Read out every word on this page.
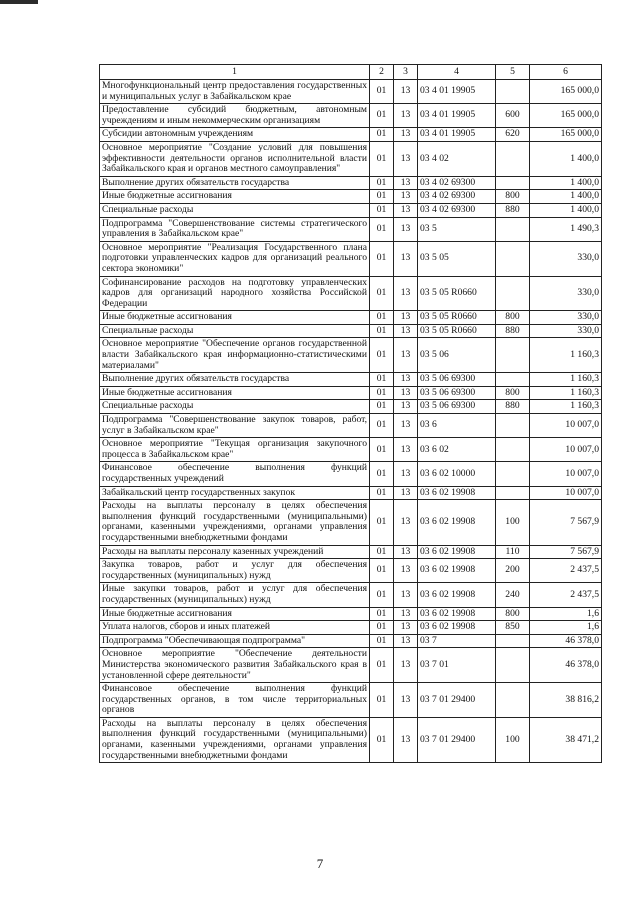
1	2	3	4	5	6
Многофункциональный центр предоставления государственных и муниципальных услуг в Забайкальском крае	01	13	03 4 01 19905		165 000,0
Предоставление субсидий бюджетным, автономным учреждениям и иным некоммерческим организациям	01	13	03 4 01 19905	600	165 000,0
Субсидии автономным учреждениям	01	13	03 4 01 19905	620	165 000,0
Основное мероприятие "Создание условий для повышения эффективности деятельности органов исполнительной власти Забайкальского края и органов местного самоуправления"	01	13	03 4 02		1 400,0
Выполнение других обязательств государства	01	13	03 4 02 69300		1 400,0
Иные бюджетные ассигнования	01	13	03 4 02 69300	800	1 400,0
Специальные расходы	01	13	03 4 02 69300	880	1 400,0
Подпрограмма "Совершенствование системы стратегического управления в Забайкальском крае"	01	13	03 5		1 490,3
Основное мероприятие "Реализация Государственного плана подготовки управленческих кадров для организаций реального сектора экономики"	01	13	03 5 05		330,0
Софинансирование расходов на подготовку управленческих кадров для организаций народного хозяйства Российской Федерации	01	13	03 5 05 R0660		330,0
Иные бюджетные ассигнования	01	13	03 5 05 R0660	800	330,0
Специальные расходы	01	13	03 5 05 R0660	880	330,0
Основное мероприятие "Обеспечение органов государственной власти Забайкальского края информационно-статистическими материалами"	01	13	03 5 06		1 160,3
Выполнение других обязательств государства	01	13	03 5 06 69300		1 160,3
Иные бюджетные ассигнования	01	13	03 5 06 69300	800	1 160,3
Специальные расходы	01	13	03 5 06 69300	880	1 160,3
Подпрограмма "Совершенствование закупок товаров, работ, услуг в Забайкальском крае"	01	13	03 6		10 007,0
Основное мероприятие "Текущая организация закупочного процесса в Забайкальском крае"	01	13	03 6 02		10 007,0
Финансовое обеспечение выполнения функций государственных учреждений	01	13	03 6 02 10000		10 007,0
Забайкальский центр государственных закупок	01	13	03 6 02 19908		10 007,0
Расходы на выплаты персоналу в целях обеспечения выполнения функций государственными (муниципальными) органами, казенными учреждениями, органами управления государственными внебюджетными фондами	01	13	03 6 02 19908	100	7 567,9
Расходы на выплаты персоналу казенных учреждений	01	13	03 6 02 19908	110	7 567,9
Закупка товаров, работ и услуг для обеспечения государственных (муниципальных) нужд	01	13	03 6 02 19908	200	2 437,5
Иные закупки товаров, работ и услуг для обеспечения государственных (муниципальных) нужд	01	13	03 6 02 19908	240	2 437,5
Иные бюджетные ассигнования	01	13	03 6 02 19908	800	1,6
Уплата налогов, сборов и иных платежей	01	13	03 6 02 19908	850	1,6
Подпрограмма "Обеспечивающая подпрограмма"	01	13	03 7		46 378,0
Основное мероприятие "Обеспечение деятельности Министерства экономического развития Забайкальского края в установленной сфере деятельности"	01	13	03 7 01		46 378,0
Финансовое обеспечение выполнения функций государственных органов, в том числе территориальных органов	01	13	03 7 01 29400		38 816,2
Расходы на выплаты персоналу в целях обеспечения выполнения функций государственными (муниципальными) органами, казенными учреждениями, органами управления государственными внебюджетными фондами	01	13	03 7 01 29400	100	38 471,2
7
